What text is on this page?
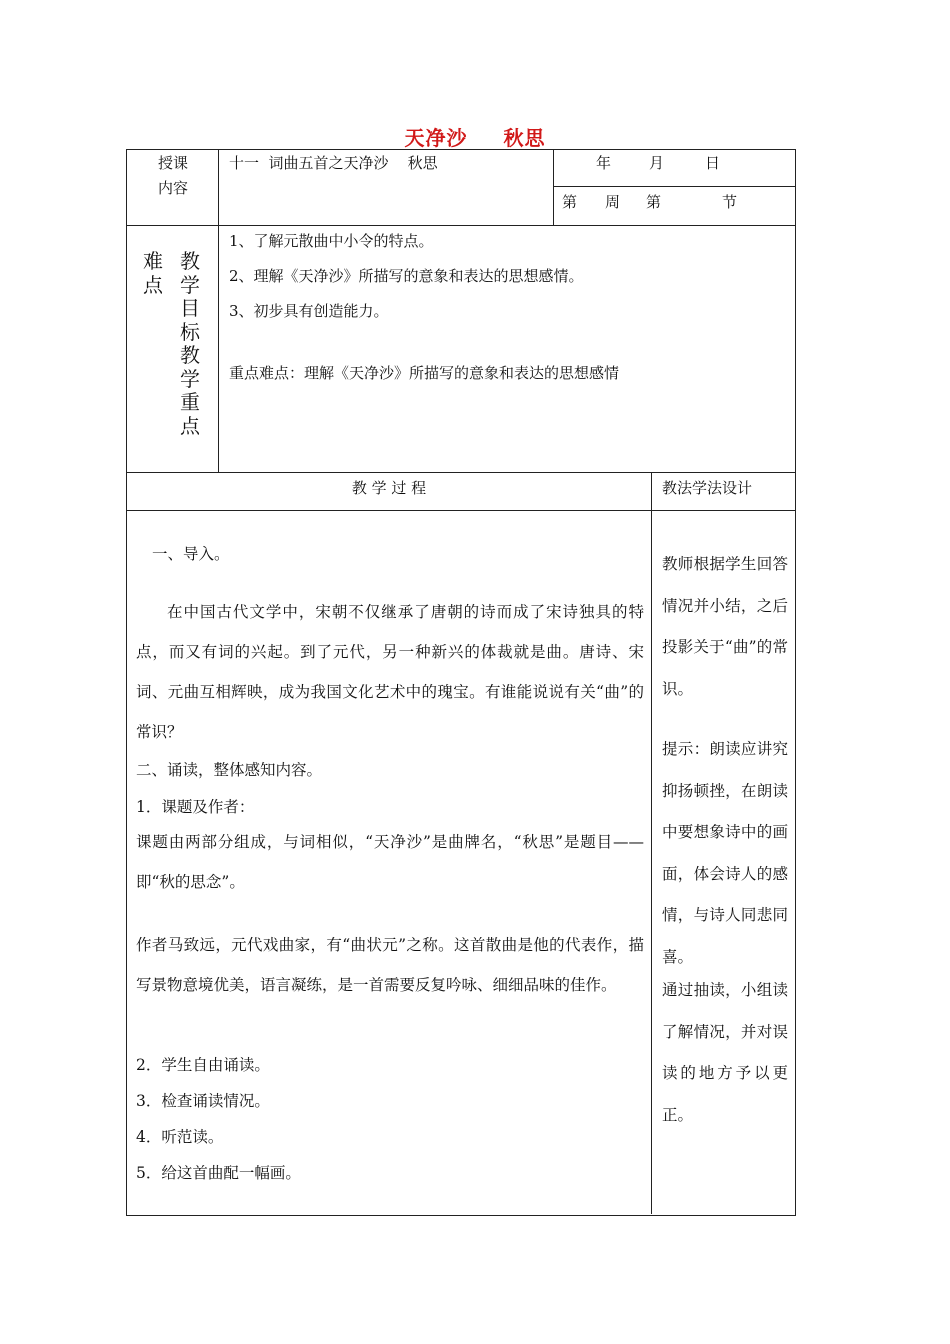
天净沙 秋思
授课
内容
十一  词曲五首之天净沙    秋思	年	月	日
第 周 第	节
教
学
目
标
教
学
重
点
难
点
1、了解元散曲中小令的特点。
2、理解《天净沙》所描写的意象和表达的思想感情。
3、初步具有创造能力。
重点难点：理解《天净沙》所描写的意象和表达的思想感情
教 学 过 程	教法学法设计
一、导入。
在中国古代文学中，宋朝不仅继承了唐朝的诗而成了宋诗独具的特点，而又有词的兴起。到了元代，另一种新兴的体裁就是曲。唐诗、宋词、元曲互相辉映，成为我国文化艺术中的瑰宝。有谁能说说有关“曲”的常识？
二、诵读，整体感知内容。
1．课题及作者：
课题由两部分组成，与词相似，“天净沙”是曲牌名，“秋思”是题目——即“秋的思念”。
作者马致远，元代戏曲家，有“曲状元”之称。这首散曲是他的代表作，描写景物意境优美，语言凝练，是一首需要反复吟咏、细细品味的佳作。
2．学生自由诵读。
3．检查诵读情况。
4．听范读。
5．给这首曲配一幅画。
教师根据学生回答情况并小结，之后投影关于“曲”的常识。
提示：朗读应讲究抑扬顿挫，在朗读中要想象诗中的画面，体会诗人的感情，与诗人同悲同喜。
通过抽读，小组读了解情况，并对误读的地方予以更正。
